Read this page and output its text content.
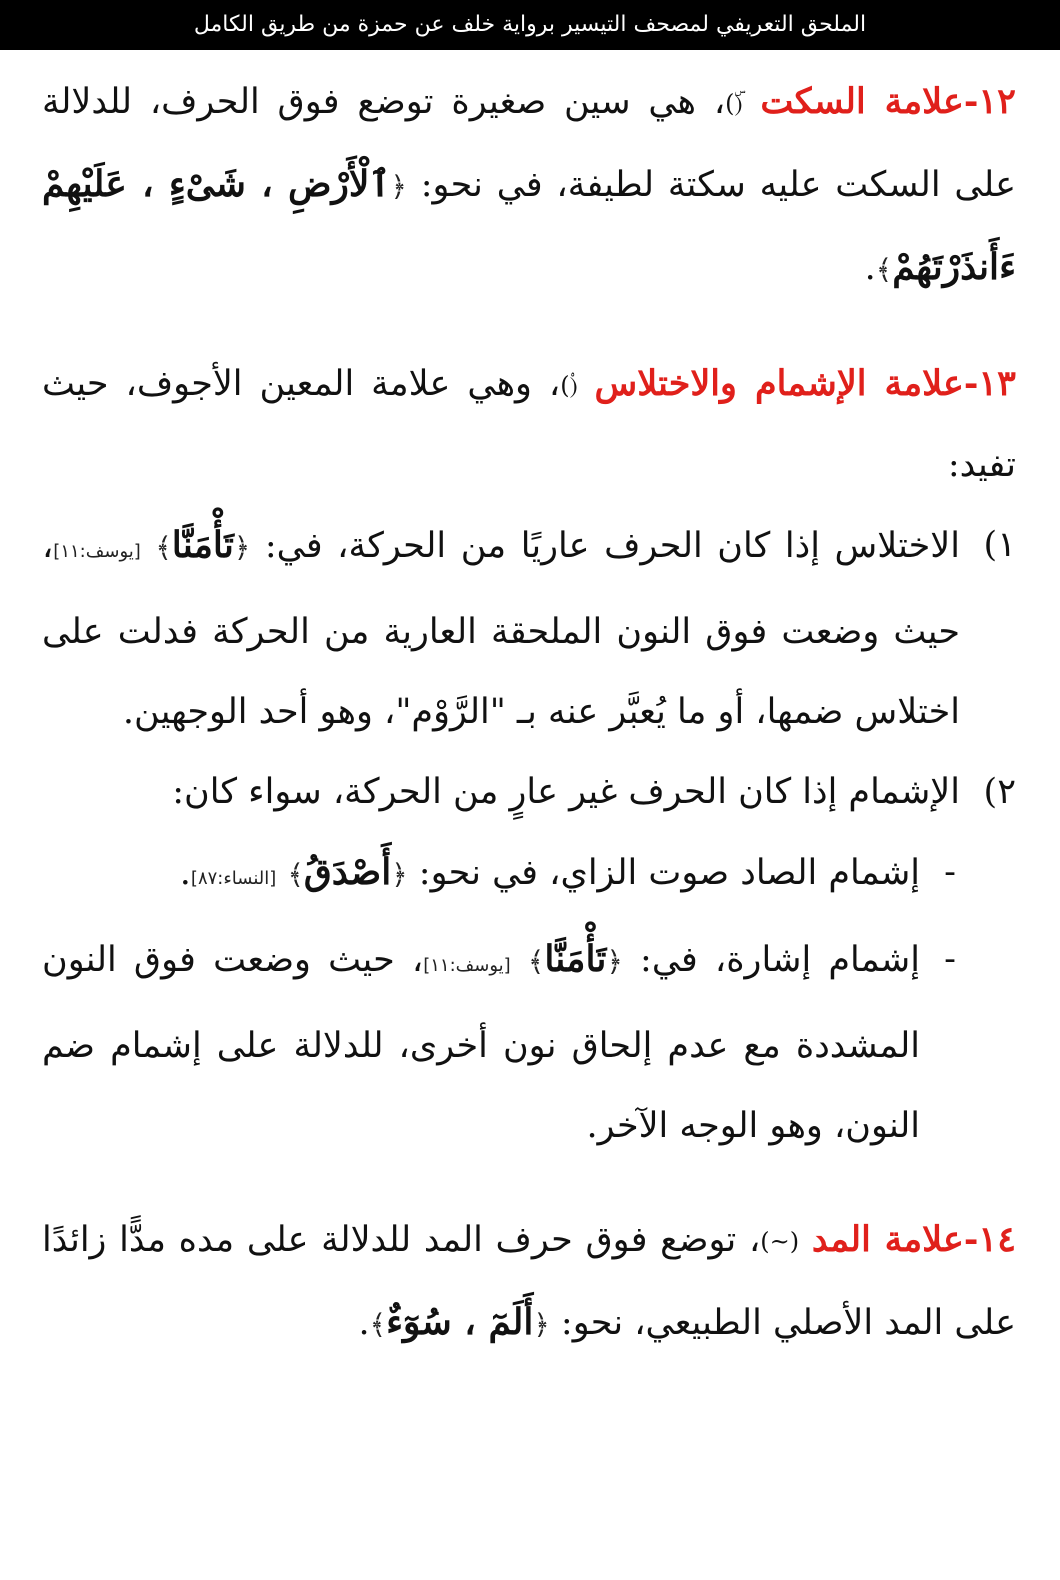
الملحق التعريفي لمصحف التيسير برواية خلف عن حمزة من طريق الكامل

١٢-علامة السكت (ۜ)، هي سين صغيرة توضع فوق الحرف، للدلالة على السكت عليه سكتة لطيفة، في نحو: ﴿ٱلْأَرْضِ ، شَىْءٍ ، عَلَيْهِمْ ءَأَنذَرْتَهُمْ﴾.

١٣-علامة الإشمام والاختلاس (۟)، وهي علامة المعين الأجوف، حيث تفيد:

١)
الاختلاس إذا كان الحرف عاريًا من الحركة، في: ﴿تَأْمَنَّا﴾ [يوسف:١١]، حيث وضعت فوق النون الملحقة العارية من الحركة فدلت على اختلاس ضمها، أو ما يُعبَّر عنه بـ "الرَّوْم"، وهو أحد الوجهين.

٢)
الإشمام إذا كان الحرف غير عارٍ من الحركة، سواء كان:

-
إشمام الصاد صوت الزاي، في نحو: ﴿أَصْدَقُ﴾ [النساء:٨٧].

-
إشمام إشارة، في: ﴿تَأْمَنَّا﴾ [يوسف:١١]، حيث وضعت فوق النون المشددة مع عدم إلحاق نون أخرى، للدلالة على إشمام ضم النون، وهو الوجه الآخر.

١٤-علامة المد (~)، توضع فوق حرف المد للدلالة على مده مدًّا زائدًا على المد الأصلي الطبيعي، نحو: ﴿أَلَمٓ ، سُوٓءٌ﴾.
